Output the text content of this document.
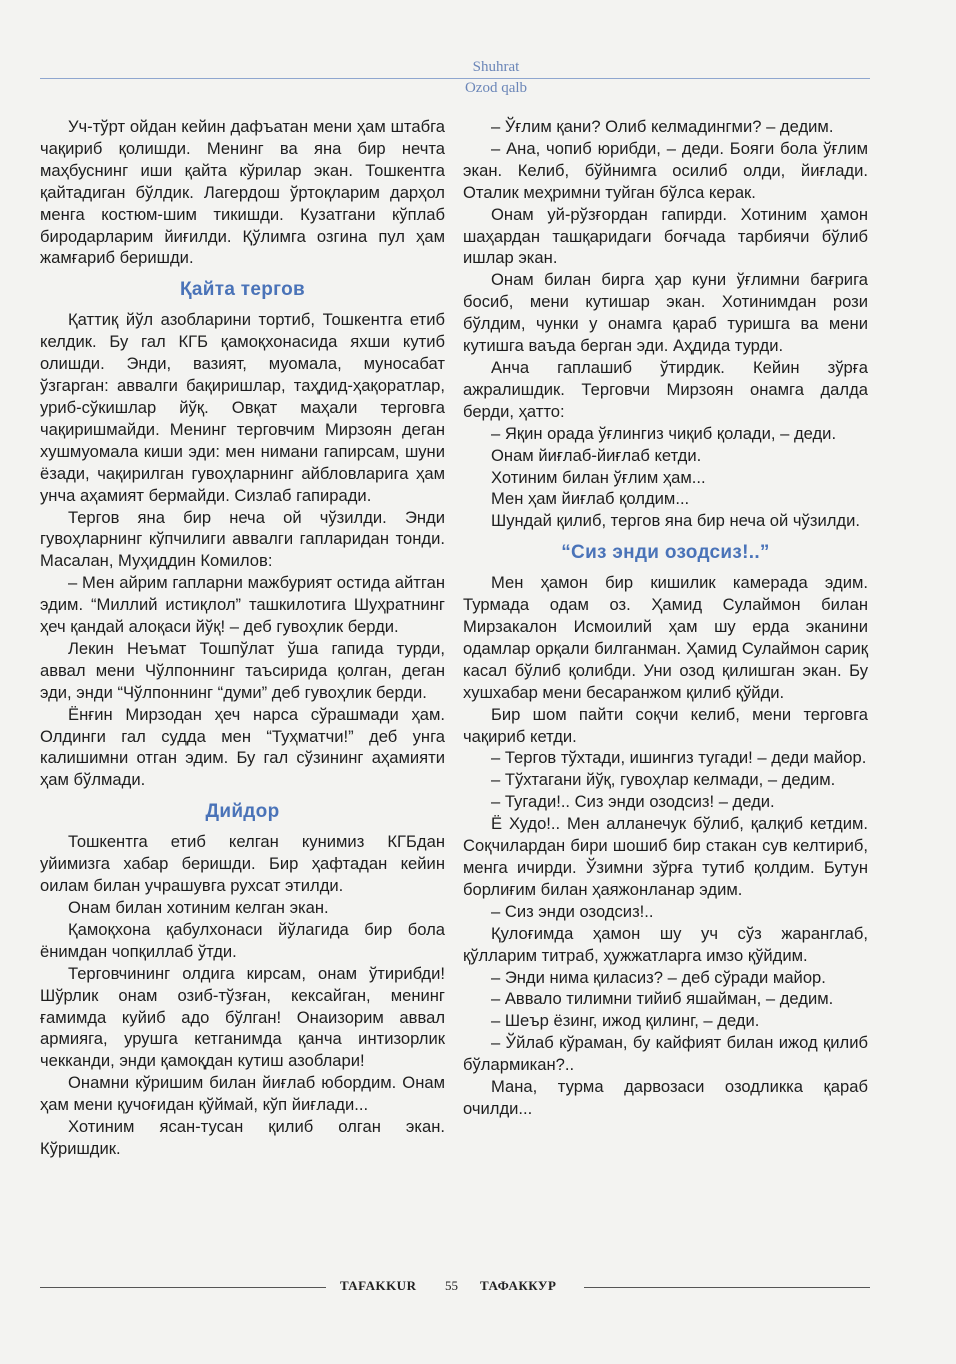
Shuhrat
Ozod qalb

Уч-тўрт ойдан кейин дафъатан мени ҳам штабга чақириб қолишди. Менинг ва яна бир нечта маҳбуснинг иши қайта кўрилар экан. Тошкентга қайтадиган бўлдик. Лагердош ўртоқларим дарҳол менга костюм-шим тикишди. Кузатгани кўплаб биродарларим йиғилди. Қўлимга озгина пул ҳам жамғариб беришди.

Қайта тергов

Қаттиқ йўл азобларини тортиб, Тошкентга етиб келдик. Бу гал КГБ қамоқхонасида яхши кутиб олишди. Энди, вазият, муомала, муносабат ўзгарган: аввалги бақиришлар, таҳдид-ҳақоратлар, уриб-сўкишлар йўқ. Овқат маҳали терговга чақиришмайди. Менинг терговчим Мирзоян деган хушмуомала киши эди: мен нимани гапирсам, шуни ёзади, чақирилган гувоҳларнинг айбловларига ҳам унча аҳамият бермайди. Сизлаб гапиради.

Тергов яна бир неча ой чўзилди. Энди гувоҳларнинг кўпчилиги аввалги гапларидан тонди. Масалан, Муҳиддин Комилов:

– Мен айрим гапларни мажбурият остида айтган эдим. “Миллий истиқлол” ташкилотига Шуҳратнинг ҳеч қандай алоқаси йўқ! – деб гувоҳлик берди.

Лекин Неъмат Тошпўлат ўша гапида турди, аввал мени Чўлпоннинг таъсирида қолган, деган эди, энди “Чўлпоннинг “думи” деб гувоҳлик берди.

Ёнғин Мирзодан ҳеч нарса сўрашмади ҳам. Олдинги гал судда мен “Туҳматчи!” деб унга калишимни отган эдим. Бу гал сўзининг аҳамияти ҳам бўлмади.

Дийдор

Тошкентга етиб келган кунимиз КГБдан уйимизга хабар беришди. Бир ҳафтадан кейин оилам билан учрашувга рухсат этилди.

Онам билан хотиним келган экан.

Қамоқхона қабулхонаси йўлагида бир бола ёнимдан чопқиллаб ўтди.

Терговчининг олдига кирсам, онам ўтирибди! Шўрлик онам озиб-тўзған, кексайган, менинг ғамимда куйиб адо бўлган! Онаизорим аввал армияга, урушга кетганимда қанча интизорлик чекканди, энди қамоқдан кутиш азоблари!

Онамни кўришим билан йиғлаб юбордим. Онам ҳам мени қучоғидан қўймай, кўп йиғлади...

Хотиним ясан-тусан қилиб олган экан. Кўришдик.

– Ўғлим қани? Олиб келмадингми? – дедим.

– Ана, чопиб юрибди, – деди. Бояги бола ўғлим экан. Келиб, бўйнимга осилиб олди, йиғлади. Оталик меҳримни туйган бўлса керак.

Онам уй-рўзғордан гапирди. Хотиним ҳамон шаҳардан ташқаридаги боғчада тарбиячи бўлиб ишлар экан.

Онам билан бирга ҳар куни ўғлимни бағрига босиб, мени кутишар экан. Хотинимдан рози бўлдим, чунки у онамга қараб туришга ва мени кутишга ваъда берган эди. Аҳдида турди.

Анча гаплашиб ўтирдик. Кейин зўрға ажралишдик. Терговчи Мирзоян онамга далда берди, ҳатто:

– Яқин орада ўғлингиз чиқиб қолади, – деди.

Онам йиғлаб-йиғлаб кетди.

Хотиним билан ўғлим ҳам...

Мен ҳам йиғлаб қолдим...

Шундай қилиб, тергов яна бир неча ой чўзилди.

“Сиз энди озодсиз!..”

Мен ҳамон бир кишилик камерада эдим. Турмада одам оз. Ҳамид Сулаймон билан Мирзакалон Исмоилий ҳам шу ерда эканини одамлар орқали билганман. Ҳамид Сулаймон сариқ касал бўлиб қолибди. Уни озод қилишган экан. Бу хушхабар мени бесаранжом қилиб қўйди.

Бир шом пайти соқчи келиб, мени терговга чақириб кетди.

– Тергов тўхтади, ишингиз тугади! – деди майор.

– Тўхтагани йўқ, гувоҳлар келмади, – дедим.

– Тугади!.. Сиз энди озодсиз! – деди.

Ё Худо!.. Мен алланечук бўлиб, қалқиб кетдим. Соқчилардан бири шошиб бир стакан сув келтириб, менга ичирди. Ўзимни зўрға тутиб қолдим. Бутун борлиғим билан ҳаяжонланар эдим.

– Сиз энди озодсиз!..

Қулоғимда ҳамон шу уч сўз жаранглаб, қўлларим титраб, ҳужжатларга имзо қўйдим.

– Энди нима қиласиз? – деб сўради майор.

– Аввало тилимни тийиб яшайман, – дедим.

– Шеър ёзинг, ижод қилинг, – деди.

– Ўйлаб кўраман, бу кайфият билан ижод қилиб бўлармикан?..

Мана, турма дарвозаси озодликка қараб очилди...

TAFAKKUR 55 ТАФАККУР
